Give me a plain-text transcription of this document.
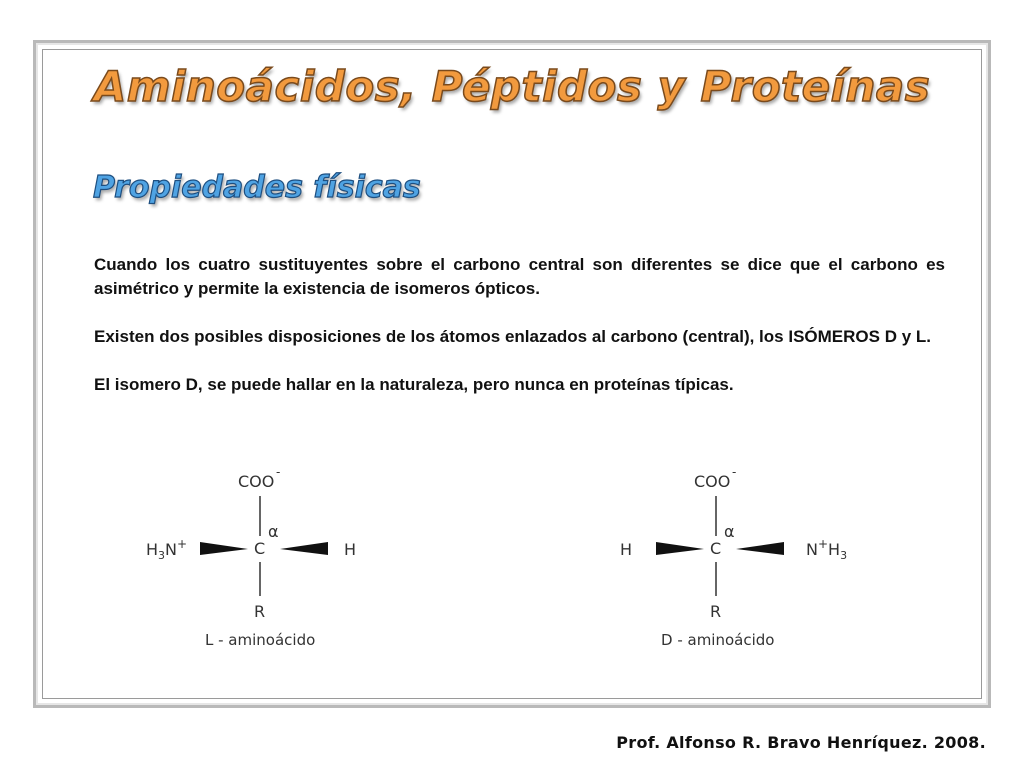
Aminoácidos, Péptidos y Proteínas
Propiedades físicas

Cuando los cuatro sustituyentes sobre el carbono central son diferentes se dice que el carbono es asimétrico y permite la existencia de isomeros ópticos.

Existen dos posibles disposiciones de los átomos enlazados al carbono (central), los ISÓMEROS D y L.

El isomero D, se puede hallar en la naturaleza, pero nunca en proteínas típicas.

COO -
α
C
$H_3N^+$	H
R
L - aminoácido
COO -
α
C
H	$N^+H_3$
R
D - aminoácido
Prof. Alfonso R. Bravo Henríquez. 2008.
